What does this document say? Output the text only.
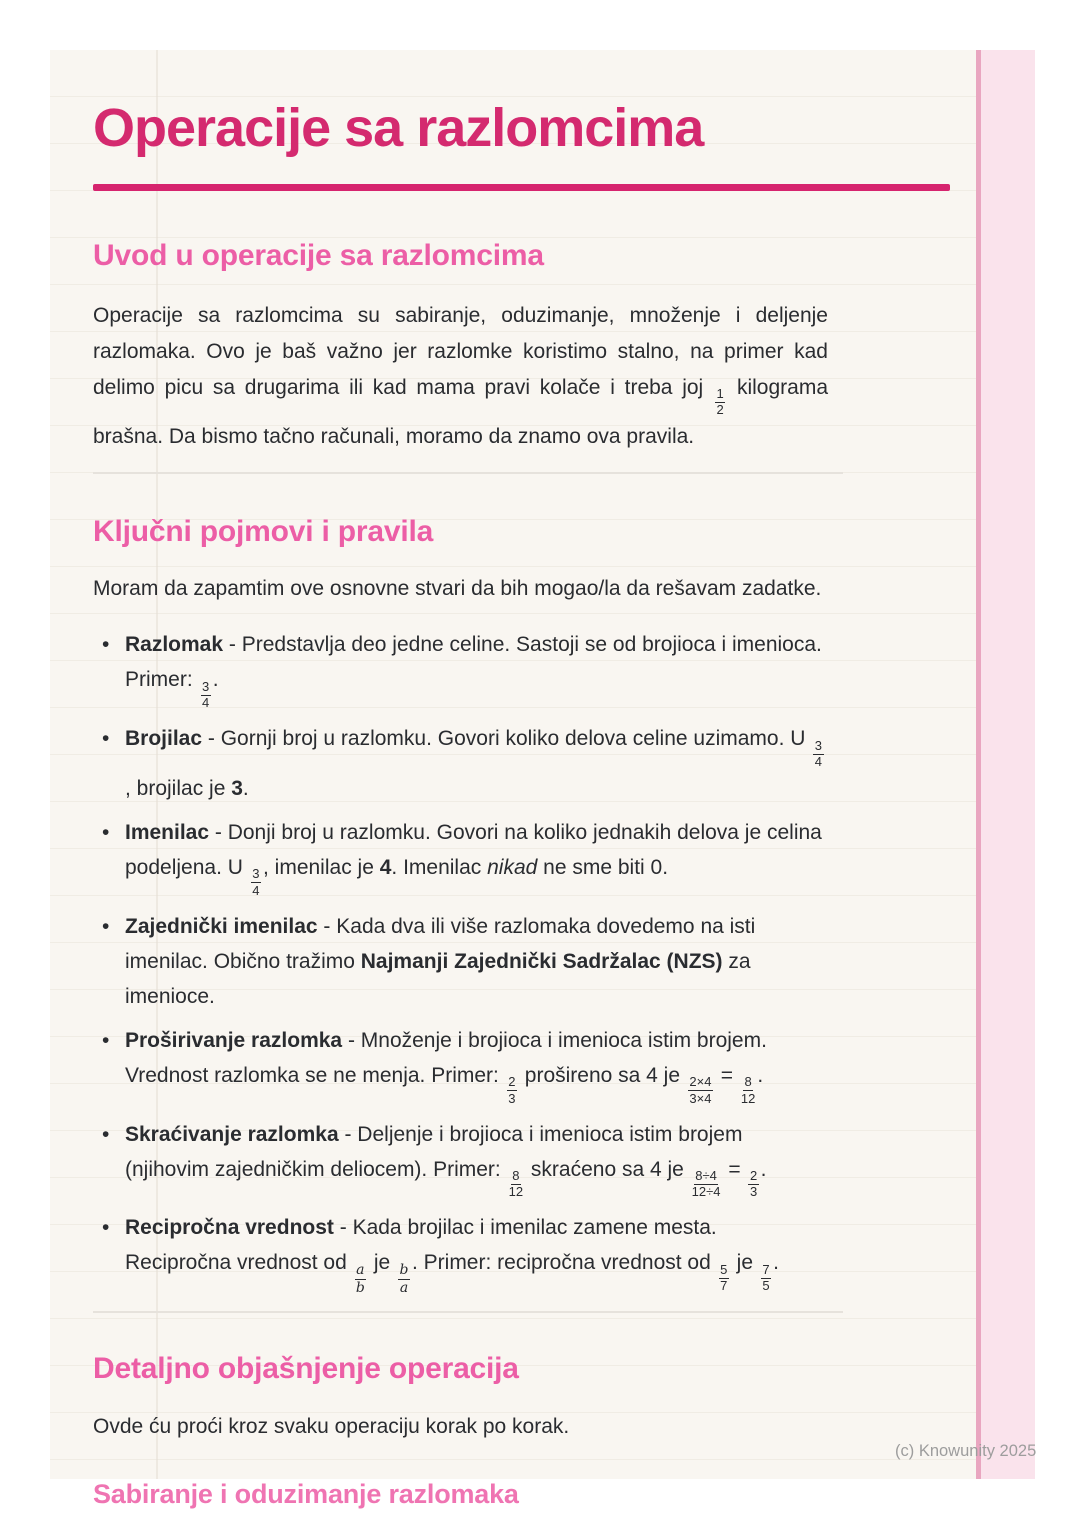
Operacije sa razlomcima
Uvod u operacije sa razlomcima

Operacije sa razlomcima su sabiranje, oduzimanje, množenje i deljenje razlomaka. Ovo je baš važno jer razlomke koristimo stalno, na primer kad delimo picu sa drugarima ili kad mama pravi kolače i treba joj $\frac{1}{2}$ kilograma brašna. Da bismo tačno računali, moramo da znamo ova pravila.

Ključni pojmovi i pravila

Moram da zapamtim ove osnovne stvari da bih mogao/la da rešavam zadatke.

• Razlomak - Predstavlja deo jedne celine. Sastoji se od brojioca i imenioca. Primer: $\frac{3}{4}$ .
• Brojilac - Gornji broj u razlomku. Govori koliko delova celine uzimamo. U $\frac{3}{4}$
, brojilac je 3.
• Imenilac - Donji broj u razlomku. Govori na koliko jednakih delova je celina podeljena. U $\frac{3}{4}$ , imenilac je 4. Imenilac nikad ne sme biti 0.
• Zajednički imenilac - Kada dva ili više razlomaka dovedemo na isti imenilac. Obično tražimo Najmanji Zajednički Sadržalac (NZS) za imenioce.
• Proširivanje razlomka - Množenje i brojioca i imenioca istim brojem. Vrednost razlomka se ne menja. Primer: $\frac{2}{3}$ prošireno sa 4 je $\frac{2\times 4}{3\times 4} = \frac{8}{12}$ .
• Skraćivanje razlomka - Deljenje i brojioca i imenioca istim brojem (njihovim zajedničkim deliocem). Primer: $\frac{8}{12}$ skraćeno sa 4 je $\frac{8\div 4}{12\div 4} = \frac{2}{3}$ .
• Recipročna vrednost - Kada brojilac i imenilac zamene mesta. Recipročna vrednost od
$\frac{a}{b}$
je
$\frac{b}{a}$
. Primer: recipročna vrednost od $\frac{5}{7}$ je $\frac{7}{5}$ .
Detaljno objašnjenje operacija

Ovde ću proći kroz svaku operaciju korak po korak.

Sabiranje i oduzimanje razlomaka
(c) Knowunity 2025
